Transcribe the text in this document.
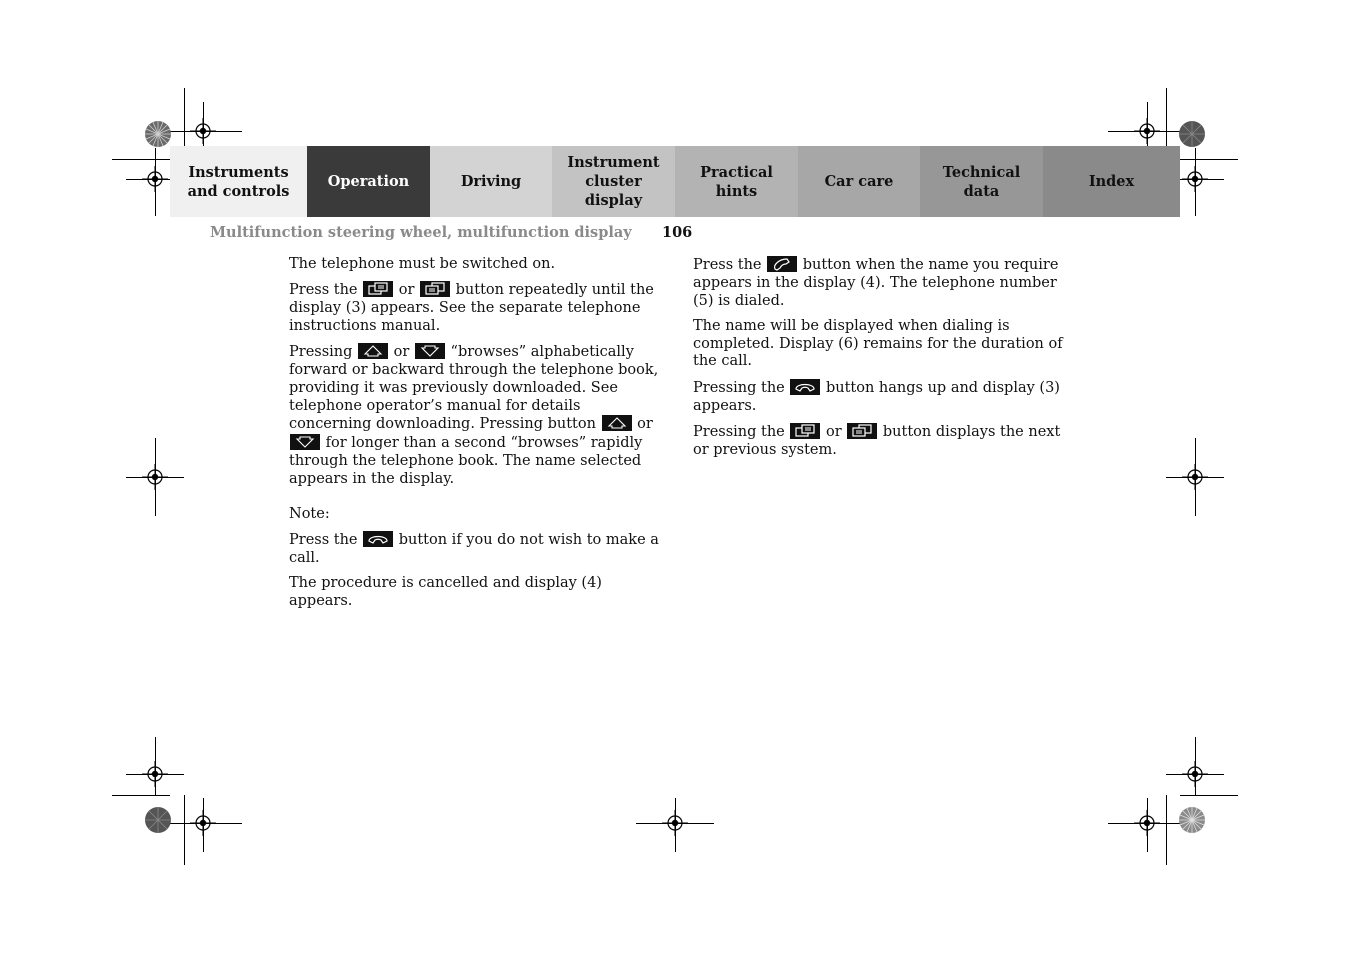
Instruments
and controls
Operation	Driving
Instrument
cluster display
Practical hints
Car care
Technical
data
Index
Multifunction steering wheel, multifunction display 106

The telephone must be switched on.

Press the
or
button repeatedly until the display (3) appears. See the separate telephone instructions manual.

Pressing
or
“browses” alphabetically forward or backward through the telephone book, providing it was previously downloaded. See telephone operator’s manual for details concerning downloading. Pressing button
or
for longer than a second “browses” rapidly through the telephone book. The name selected appears in the display.

Note:

Press the
button if you do not wish to make a call.

The procedure is cancelled and display (4) appears.

Press the
button when the name you require appears in the display (4). The telephone number (5) is dialed.

The name will be displayed when dialing is completed. Display (6) remains for the duration of the call.

Pressing the
button hangs up and display (3) appears.

Pressing the
or
button displays the next or previous system.
